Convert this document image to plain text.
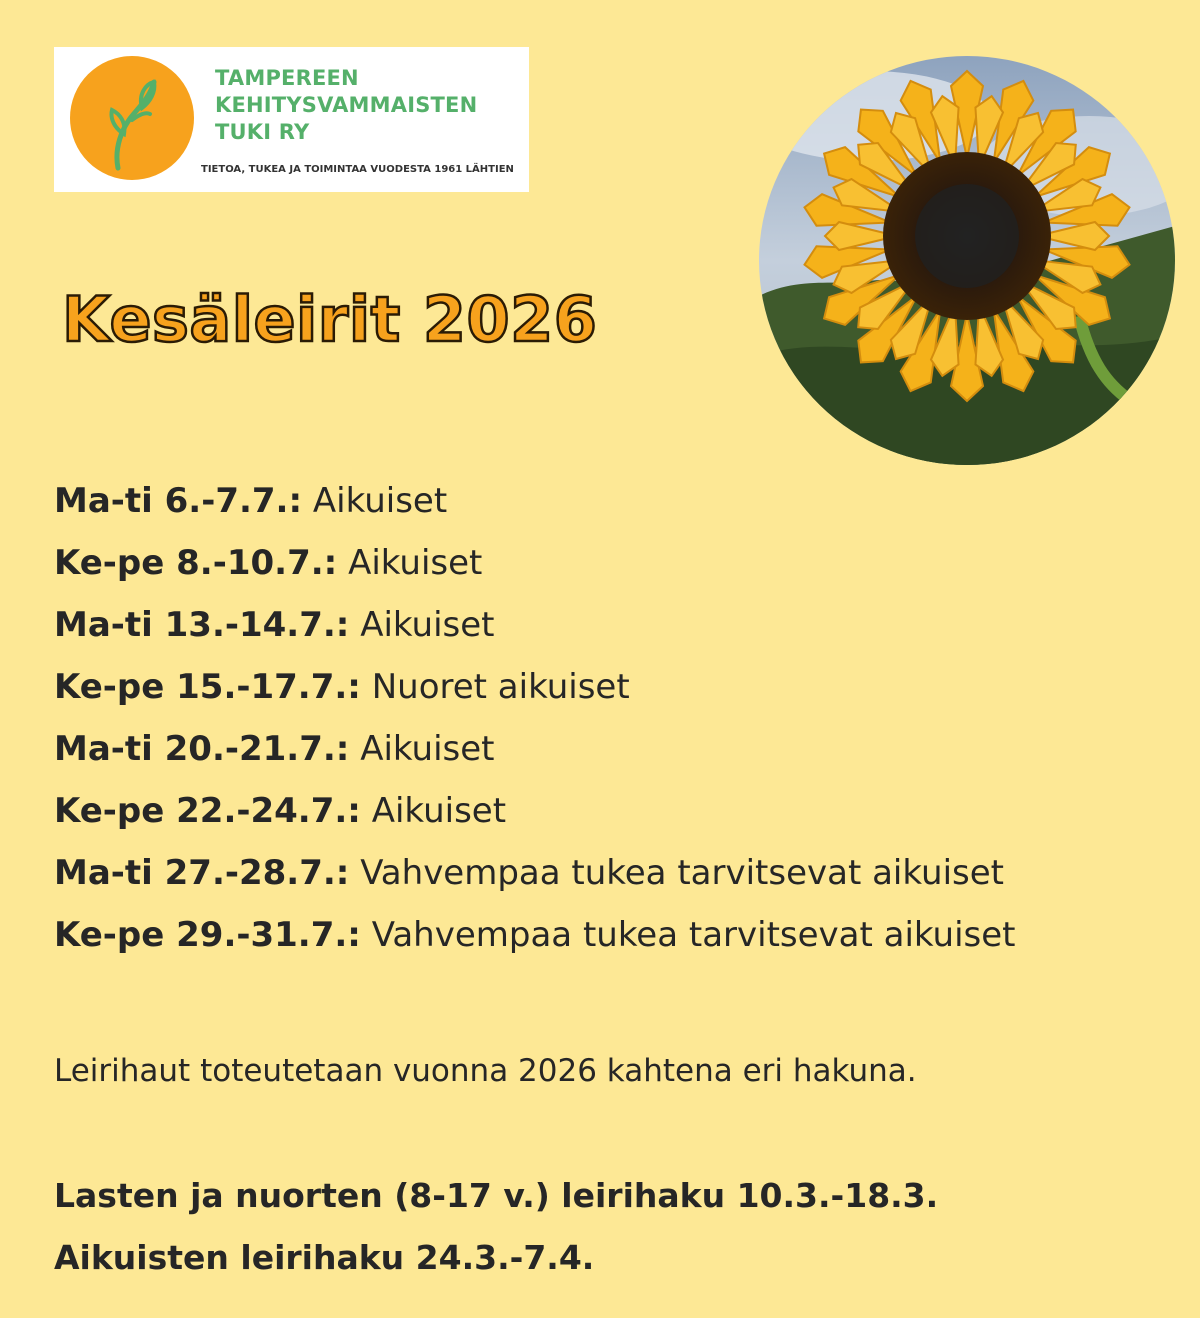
TAMPEREEN
KEHITYSVAMMAISTEN
TUKI RY
TIETOA, TUKEA JA TOIMINTAA VUODESTA 1961 LÄHTIEN
Kesäleirit 2026
Ma-ti 6.-7.7.: Aikuiset
Ke-pe 8.-10.7.: Aikuiset
Ma-ti 13.-14.7.: Aikuiset
Ke-pe 15.-17.7.: Nuoret aikuiset
Ma-ti 20.-21.7.: Aikuiset
Ke-pe 22.-24.7.: Aikuiset
Ma-ti 27.-28.7.: Vahvempaa tukea tarvitsevat aikuiset
Ke-pe 29.-31.7.: Vahvempaa tukea tarvitsevat aikuiset

Leirihaut toteutetaan vuonna 2026 kahtena eri hakuna.

Lasten ja nuorten (8-17 v.) leirihaku 10.3.-18.3.
Aikuisten leirihaku 24.3.-7.4.
